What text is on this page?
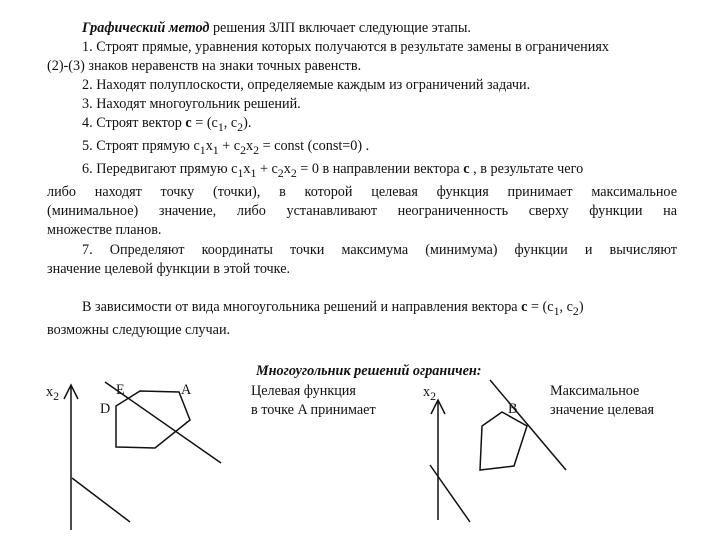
Графический метод решения ЗЛП включает следующие этапы.
1. Строят прямые, уравнения которых получаются в результате замены в ограничениях
(2)-(3) знаков неравенств на знаки точных равенств.
2. Находят полуплоскости, определяемые каждым из ограничений задачи.
3. Находят многоугольник решений.
4. Строят вектор $c = (c_1$, $c_2$).
5. Строят прямую $c_1x_1 + c_2x_2$ = const (const=0) .
6. Передвигают прямую $c_1x_1 + c_2x_2 = 0$ в направлении вектора c , в результате чего
либо находят точку (точки), в которой целевая функция принимает максимальное
(минимальное) значение, либо устанавливают неограниченность сверху функции на
множестве планов.
7. Определяют координаты точки максимума (минимума) функции и вычисляют
значение целевой функции в этой точке.
В зависимости от вида многоугольника решений и направления вектора $c = (c_1$, $c_2$)
возможны следующие случаи.
Многоугольник решений ограничен:
$x_2$	E	A
D
Целевая функция
в точке A принимает
$x_2$
B
Максимальное
значение целевая
